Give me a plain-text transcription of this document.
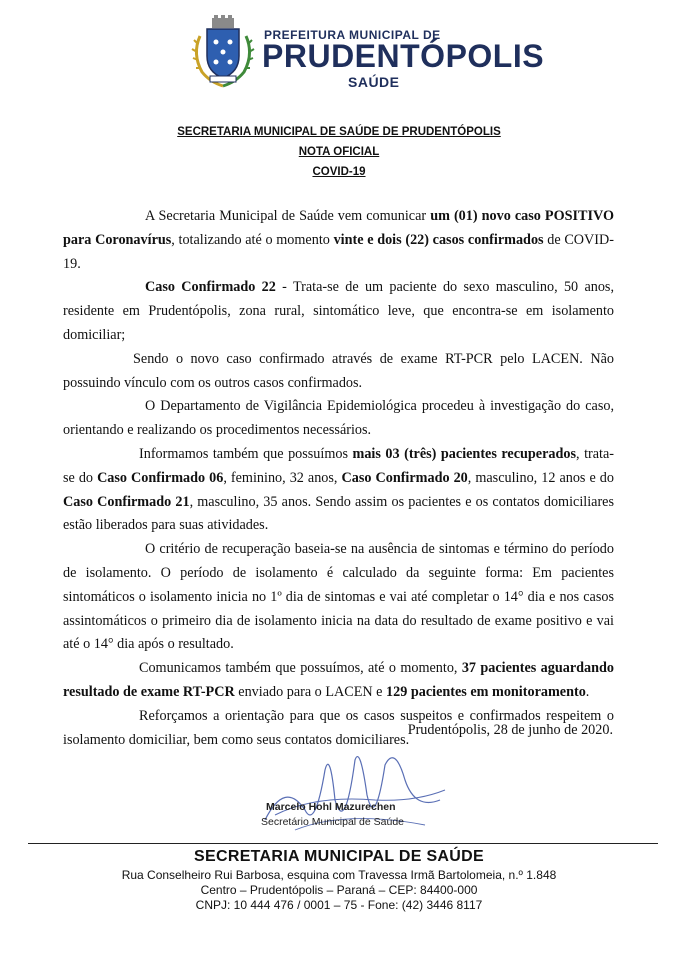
PREFEITURA MUNICIPAL DE
PRUDENTÓPOLIS
SAÚDE
SECRETARIA MUNICIPAL DE SAÚDE DE PRUDENTÓPOLIS
NOTA OFICIAL
COVID-19

A Secretaria Municipal de Saúde vem comunicar um (01) novo caso POSITIVO para Coronavírus, totalizando até o momento vinte e dois (22) casos confirmados de COVID-19.

Caso Confirmado 22 - Trata-se de um paciente do sexo masculino, 50 anos, residente em Prudentópolis, zona rural, sintomático leve, que encontra-se em isolamento domiciliar;

Sendo o novo caso confirmado através de exame RT-PCR pelo LACEN. Não possuindo vínculo com os outros casos confirmados.

O Departamento de Vigilância Epidemiológica procedeu à investigação do caso, orientando e realizando os procedimentos necessários.

Informamos também que possuímos mais 03 (três) pacientes recuperados, trata-se do Caso Confirmado 06, feminino, 32 anos, Caso Confirmado 20, masculino, 12 anos e do Caso Confirmado 21, masculino, 35 anos. Sendo assim os pacientes e os contatos domiciliares estão liberados para suas atividades.

O critério de recuperação baseia-se na ausência de sintomas e término do período de isolamento. O período de isolamento é calculado da seguinte forma: Em pacientes sintomáticos o isolamento inicia no 1º dia de sintomas e vai até completar o 14° dia e nos casos assintomáticos o primeiro dia de isolamento inicia na data do resultado de exame positivo e vai até o 14° dia após o resultado.

Comunicamos também que possuímos, até o momento, 37 pacientes aguardando resultado de exame RT-PCR enviado para o LACEN e 129 pacientes em monitoramento.

Reforçamos a orientação para que os casos suspeitos e confirmados respeitem o isolamento domiciliar, bem como seus contatos domiciliares.

Prudentópolis, 28 de junho de 2020.
Marcelo Hohl Mazurechen
Secretário Municipal de Saúde
SECRETARIA MUNICIPAL DE SAÚDE
Rua Conselheiro Rui Barbosa, esquina com Travessa Irmã Bartolomeia, n.º 1.848
Centro – Prudentópolis – Paraná – CEP: 84400-000
CNPJ: 10 444 476 / 0001 – 75 - Fone: (42) 3446 8117
